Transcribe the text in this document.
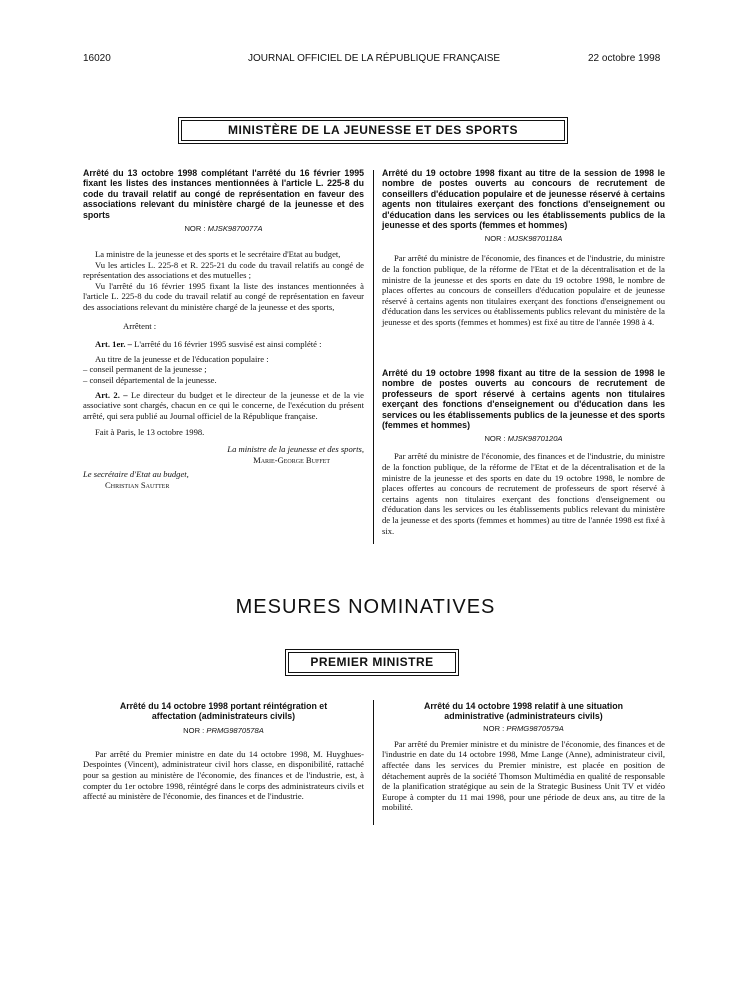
16020	JOURNAL OFFICIEL DE LA RÉPUBLIQUE FRANÇAISE	22 octobre 1998
MINISTÈRE DE LA JEUNESSE ET DES SPORTS
Arrêté du 13 octobre 1998 complétant l'arrêté du 16 février 1995 fixant les listes des instances mentionnées à l'article L. 225-8 du code du travail relatif au congé de représentation en faveur des associations relevant du ministère chargé de la jeunesse et des sports
NOR : MJSK9870077A

La ministre de la jeunesse et des sports et le secrétaire d'Etat au budget,

Vu les articles L. 225-8 et R. 225-21 du code du travail relatifs au congé de représentation des associations et des mutuelles ;

Vu l'arrêté du 16 février 1995 fixant la liste des instances mentionnées à l'article L. 225-8 du code du travail relatif au congé de représentation en faveur des associations relevant du ministère chargé de la jeunesse et des sports,

Arrêtent :

Art. 1er. – L'arrêté du 16 février 1995 susvisé est ainsi complété :

Au titre de la jeunesse et de l'éducation populaire :

– conseil permanent de la jeunesse ;

– conseil départemental de la jeunesse.

Art. 2. – Le directeur du budget et le directeur de la jeunesse et de la vie associative sont chargés, chacun en ce qui le concerne, de l'exécution du présent arrêté, qui sera publié au Journal officiel de la République française.

Fait à Paris, le 13 octobre 1998.

La ministre de la jeunesse et des sports,
Marie-George Buffet
Le secrétaire d'Etat au budget,
Christian Sautter
Arrêté du 19 octobre 1998 fixant au titre de la session de 1998 le nombre de postes ouverts au concours de recrutement de conseillers d'éducation populaire et de jeunesse réservé à certains agents non titulaires exerçant des fonctions d'enseignement ou d'éducation dans les services ou les établissements publics de la jeunesse et des sports (femmes et hommes)
NOR : MJSK9870118A

Par arrêté du ministre de l'économie, des finances et de l'industrie, du ministre de la fonction publique, de la réforme de l'Etat et de la décentralisation et de la ministre de la jeunesse et des sports en date du 19 octobre 1998, le nombre de places offertes au concours de conseillers d'éducation populaire et de jeunesse réservé à certains agents non titulaires exerçant des fonctions d'enseignement ou d'éducation dans les services ou établissements publics relevant du ministère de la jeunesse et des sports (femmes et hommes) est fixé au titre de l'année 1998 à 4.

Arrêté du 19 octobre 1998 fixant au titre de la session de 1998 le nombre de postes ouverts au concours de recrutement de professeurs de sport réservé à certains agents non titulaires exerçant des fonctions d'enseignement ou d'éducation dans les services ou les établissements publics de la jeunesse et des sports (femmes et hommes)
NOR : MJSK9870120A

Par arrêté du ministre de l'économie, des finances et de l'industrie, du ministre de la fonction publique, de la réforme de l'Etat et de la décentralisation et de la ministre de la jeunesse et des sports en date du 19 octobre 1998, le nombre de places offertes au concours de recrutement de professeurs de sport réservé à certains agents non titulaires exerçant des fonctions d'enseignement ou d'éducation dans les services ou les établissements publics relevant du ministère de la jeunesse et des sports (femmes et hommes) au titre de l'année 1998 est fixé à six.

MESURES NOMINATIVES
PREMIER MINISTRE
Arrêté du 14 octobre 1998 portant réintégration et affectation (administrateurs civils)
NOR : PRMG9870578A

Par arrêté du Premier ministre en date du 14 octobre 1998, M. Huyghues-Despointes (Vincent), administrateur civil hors classe, en disponibilité, rattaché pour sa gestion au ministère de l'économie, des finances et de l'industrie, est, à compter du 1er octobre 1998, réintégré dans le corps des administrateurs civils et affecté au ministère de l'économie, des finances et de l'industrie.

Arrêté du 14 octobre 1998 relatif à une situation administrative (administrateurs civils)
NOR : PRMG9870579A

Par arrêté du Premier ministre et du ministre de l'économie, des finances et de l'industrie en date du 14 octobre 1998, Mme Lange (Anne), administrateur civil, affectée dans les services du Premier ministre, est placée en position de détachement auprès de la société Thomson Multimédia en qualité de responsable de la planification stratégique au sein de la Strategic Business Unit TV et vidéo Europe à compter du 11 mai 1998, pour une période de deux ans, au titre de la mobilité.
